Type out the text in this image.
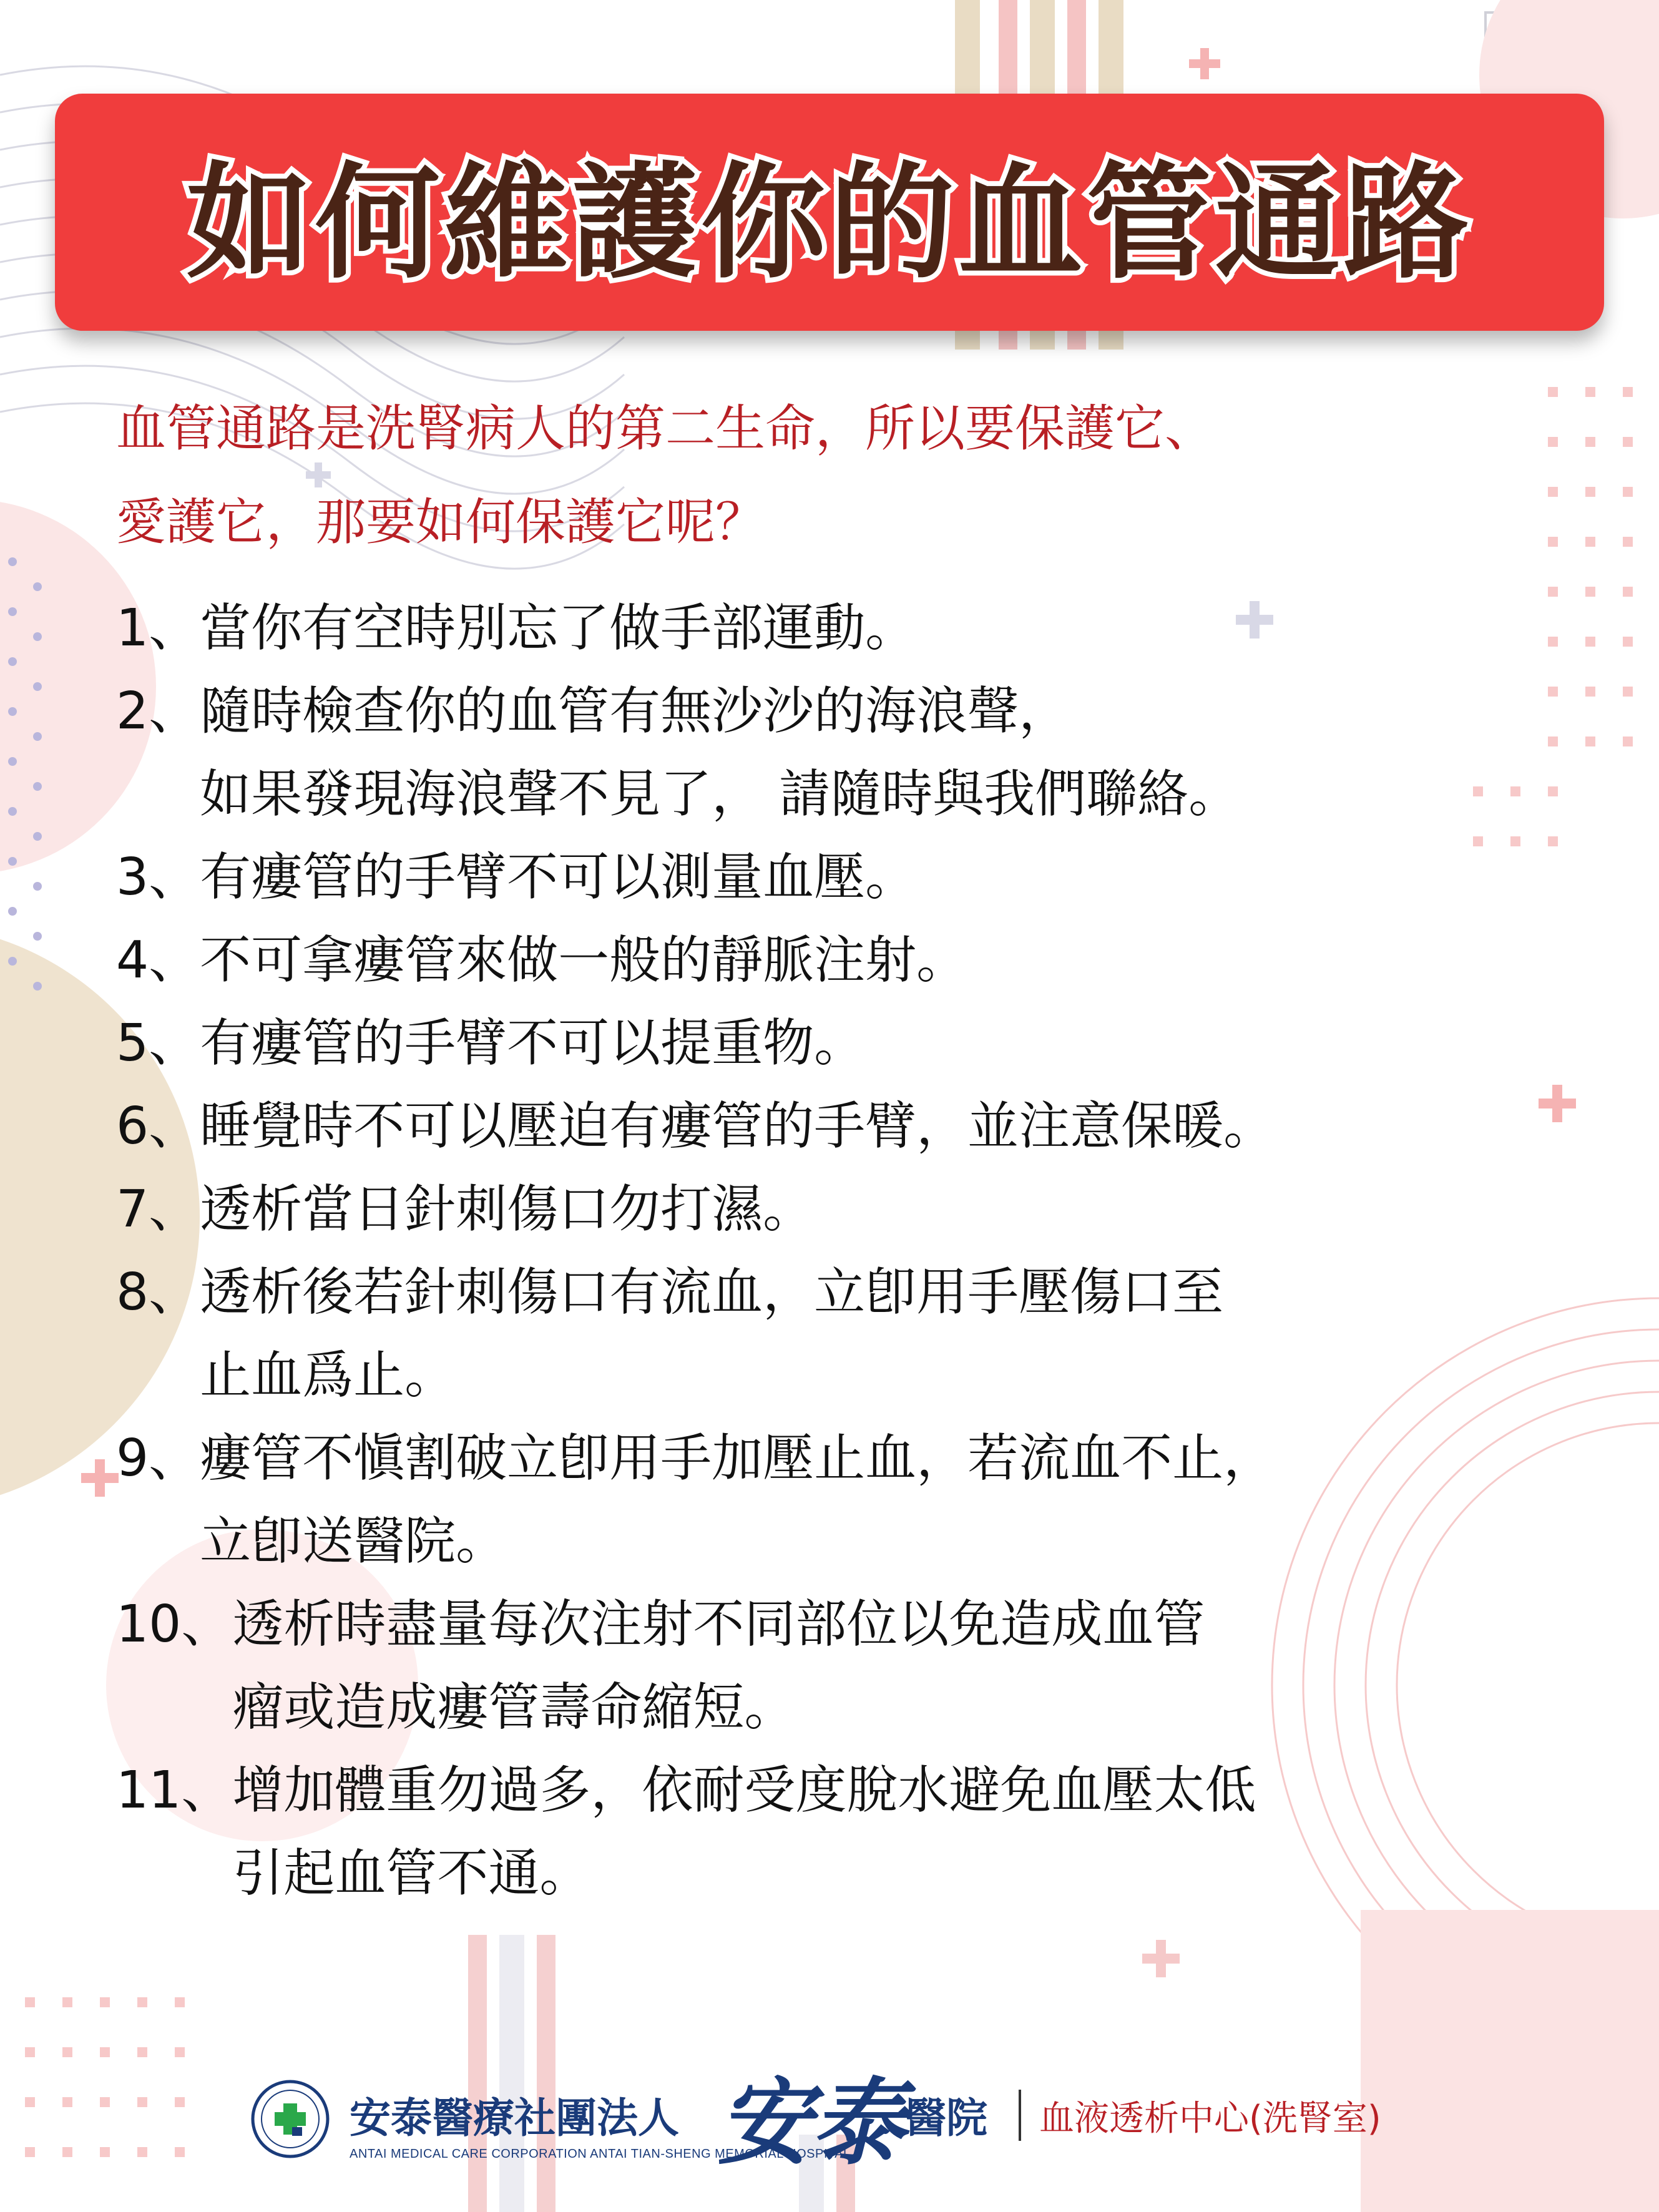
如何維護你的血管通路
血管通路是洗腎病人的第二生命，所以要保護它、
愛護它，那要如何保護它呢？
1、 當你有空時別忘了做手部運動。
2、 隨時檢查你的血管有無沙沙的海浪聲，
如果發現海浪聲不見了， 請隨時與我們聯絡。
3、 有瘻管的手臂不可以測量血壓。
4、 不可拿瘻管來做一般的靜脈注射。
5、 有瘻管的手臂不可以提重物。
6、 睡覺時不可以壓迫有瘻管的手臂，並注意保暖。
7、 透析當日針刺傷口勿打濕。
8、 透析後若針刺傷口有流血，立卽用手壓傷口至
止血爲止。
9、 瘻管不愼割破立卽用手加壓止血，若流血不止，
立卽送醫院。
10、 透析時盡量每次注射不同部位以免造成血管
瘤或造成瘻管壽命縮短。
11、 增加體重勿過多，依耐受度脫水避免血壓太低
引起血管不通。
安泰醫療社團法人
ANTAI MEDICAL CARE CORPORATION ANTAI TIAN-SHENG MEMORIAL HOSPITAL
安泰 醫院 血液透析中心(洗腎室)
